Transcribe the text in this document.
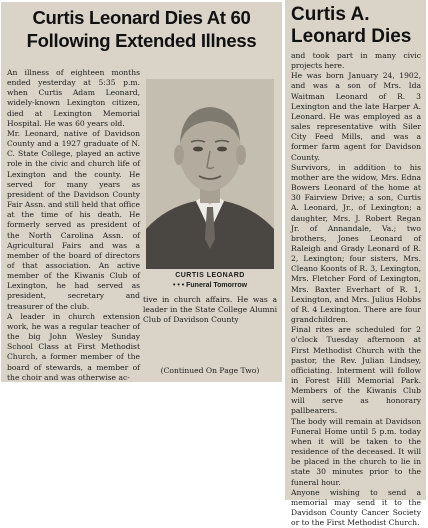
Curtis Leonard Dies At 60 Following Extended Illness
An illness of eighteen months ended yesterday at 5:35 p.m. when Curtis Adam Leonard, widely-known Lexington citizen, died at Lexington Memorial Hospital. He was 60 years old.
Mr. Leonard, native of Davidson County and a 1927 graduate of N. C. State College, played an active role in the civic and church life of Lexington and the county. He served for many years as president of the Davidson County Fair Assn. and still held that office at the time of his death. He formerly served as president of the North Carolina Assn. of Agricultural Fairs and was a member of the board of directors of that association. An active member of the Kiwanis Club of Lexington, he had served as president, secretary and treasurer of the club.
A leader in church extension work, he was a regular teacher of the big John Wesley Sunday School Class at First Methodist Church, a former member of the board of stewards, a member of the choir and was otherwise ac-
CURTIS LEONARD
• • • Funeral Tomorrow
tive in church affairs. He was a leader in the State College Alumni Club of Davidson County
(Continued On Page Two)
Curtis A. Leonard Dies
and took part in many civic projects here.
He was born January 24, 1902, and was a son of Mrs. Ida Waitman Leonard of R. 3 Lexington and the late Harper A. Leonard. He was employed as a sales representative with Siler City Feed Mills, and was a former farm agent for Davidson County.
Survivors, in addition to his mother are the widow, Mrs. Edna Bowers Leonard of the home at 30 Fairview Drive; a son, Curtis A. Leonard, Jr., of Lexington; a daughter, Mrs. J. Robert Regan Jr. of Annandale, Va.; two brothers, Jones Leonard of Raleigh and Grady Leonard of R. 2, Lexington; four sisters, Mrs. Cleano Koonts of R. 3, Lexington, Mrs. Fletcher Ford of Lexington, Mrs. Baxter Everhart of R. 1, Lexington, and Mrs. Julius Hobbs of R. 4 Lexington. There are four grandchildren.
Final rites are scheduled for 2 o'clock Tuesday afternoon at First Methodist Church with the pastor, the Rev. Julian Lindsey, officiating. Interment will follow in Forest Hill Memorial Park. Members of the Kiwanis Club will serve as honorary pallbearers.
The body will remain at Davidson Funeral Home until 5 p.m. today when it will be taken to the residence of the deceased. It will be placed in the church to lie in state 30 minutes prior to the funeral hour.
Anyone wishing to send a memorial may send it to the Davidson County Cancer Society or to the First Methodist Church.
